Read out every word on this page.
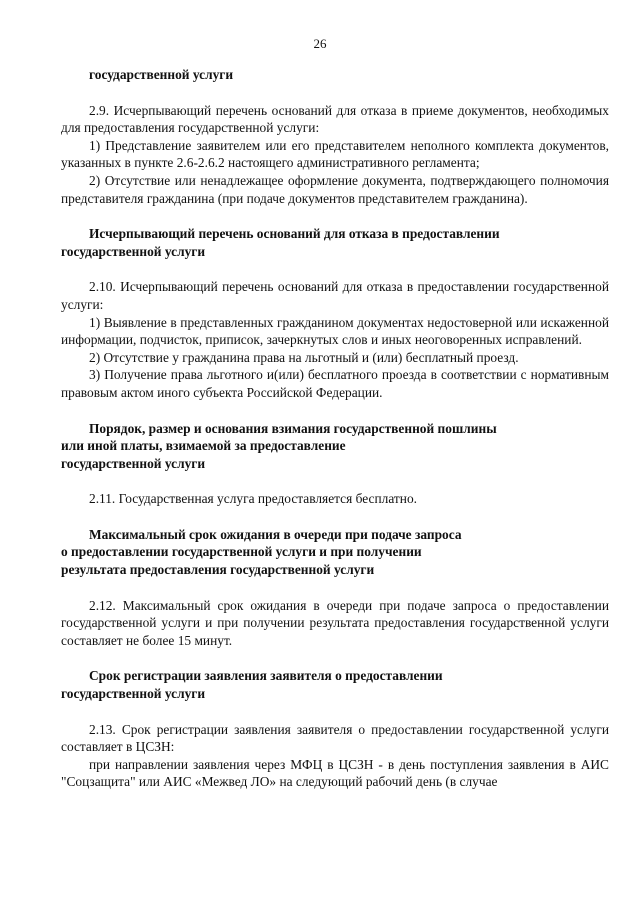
26

государственной услуги

2.9. Исчерпывающий перечень оснований для отказа в приеме документов, необходимых для предоставления государственной услуги:

1) Представление заявителем или его представителем неполного комплекта документов, указанных в пункте 2.6-2.6.2 настоящего административного регламента;

2) Отсутствие или ненадлежащее оформление документа, подтверждающего полномочия представителя гражданина (при подаче документов представителем гражданина).

Исчерпывающий перечень оснований для отказа в предоставлении
государственной услуги

2.10. Исчерпывающий перечень оснований для отказа в предоставлении государственной услуги:

1) Выявление в представленных гражданином документах недостоверной или искаженной информации, подчисток, приписок, зачеркнутых слов и иных неоговоренных исправлений.

2) Отсутствие у гражданина права на льготный и (или) бесплатный проезд.

3) Получение права льготного и(или) бесплатного проезда в соответствии с нормативным правовым актом иного субъекта Российской Федерации.

Порядок, размер и основания взимания государственной пошлины
или иной платы, взимаемой за предоставление
государственной услуги

2.11. Государственная услуга предоставляется бесплатно.

Максимальный срок ожидания в очереди при подаче запроса
о предоставлении государственной услуги и при получении
результата предоставления государственной услуги

2.12. Максимальный срок ожидания в очереди при подаче запроса о предоставлении государственной услуги и при получении результата предоставления государственной услуги составляет не более 15 минут.

Срок регистрации заявления заявителя о предоставлении
государственной услуги

2.13. Срок регистрации заявления заявителя о предоставлении государственной услуги составляет в ЦСЗН:

при направлении заявления через МФЦ в ЦСЗН - в день поступления заявления в АИС "Соцзащита" или АИС «Межвед ЛО» на следующий рабочий день (в случае
